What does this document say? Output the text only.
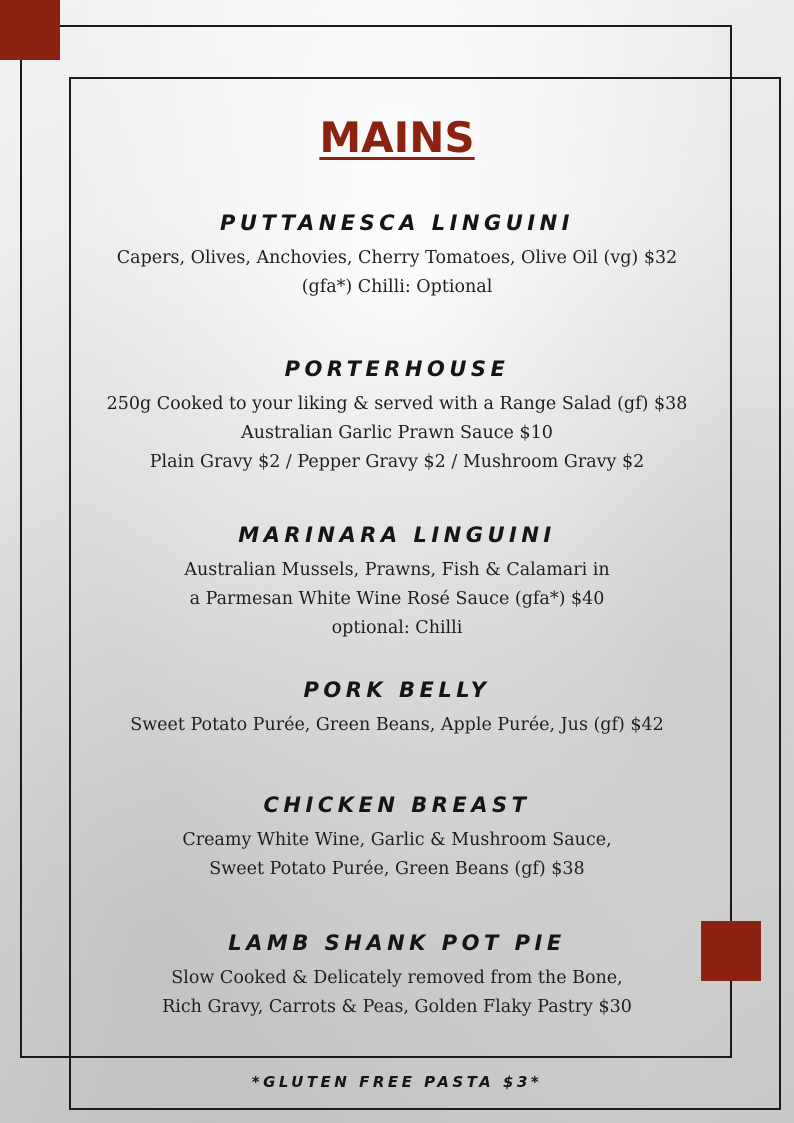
MAINS
PUTTANESCA LINGUINI
Capers, Olives, Anchovies, Cherry Tomatoes, Olive Oil (vg) $32
(gfa*) Chilli: Optional
PORTERHOUSE
250g Cooked to your liking & served with a Range Salad (gf) $38
Australian Garlic Prawn Sauce $10
Plain Gravy $2 / Pepper Gravy $2 / Mushroom Gravy $2
MARINARA LINGUINI
Australian Mussels, Prawns, Fish & Calamari in
a Parmesan White Wine Rosé Sauce (gfa*) $40
optional: Chilli
PORK BELLY
Sweet Potato Purée, Green Beans, Apple Purée, Jus (gf) $42
CHICKEN BREAST
Creamy White Wine, Garlic & Mushroom Sauce,
Sweet Potato Purée, Green Beans (gf) $38
LAMB SHANK POT PIE
Slow Cooked & Delicately removed from the Bone,
Rich Gravy, Carrots & Peas, Golden Flaky Pastry $30

*GLUTEN FREE PASTA $3*
